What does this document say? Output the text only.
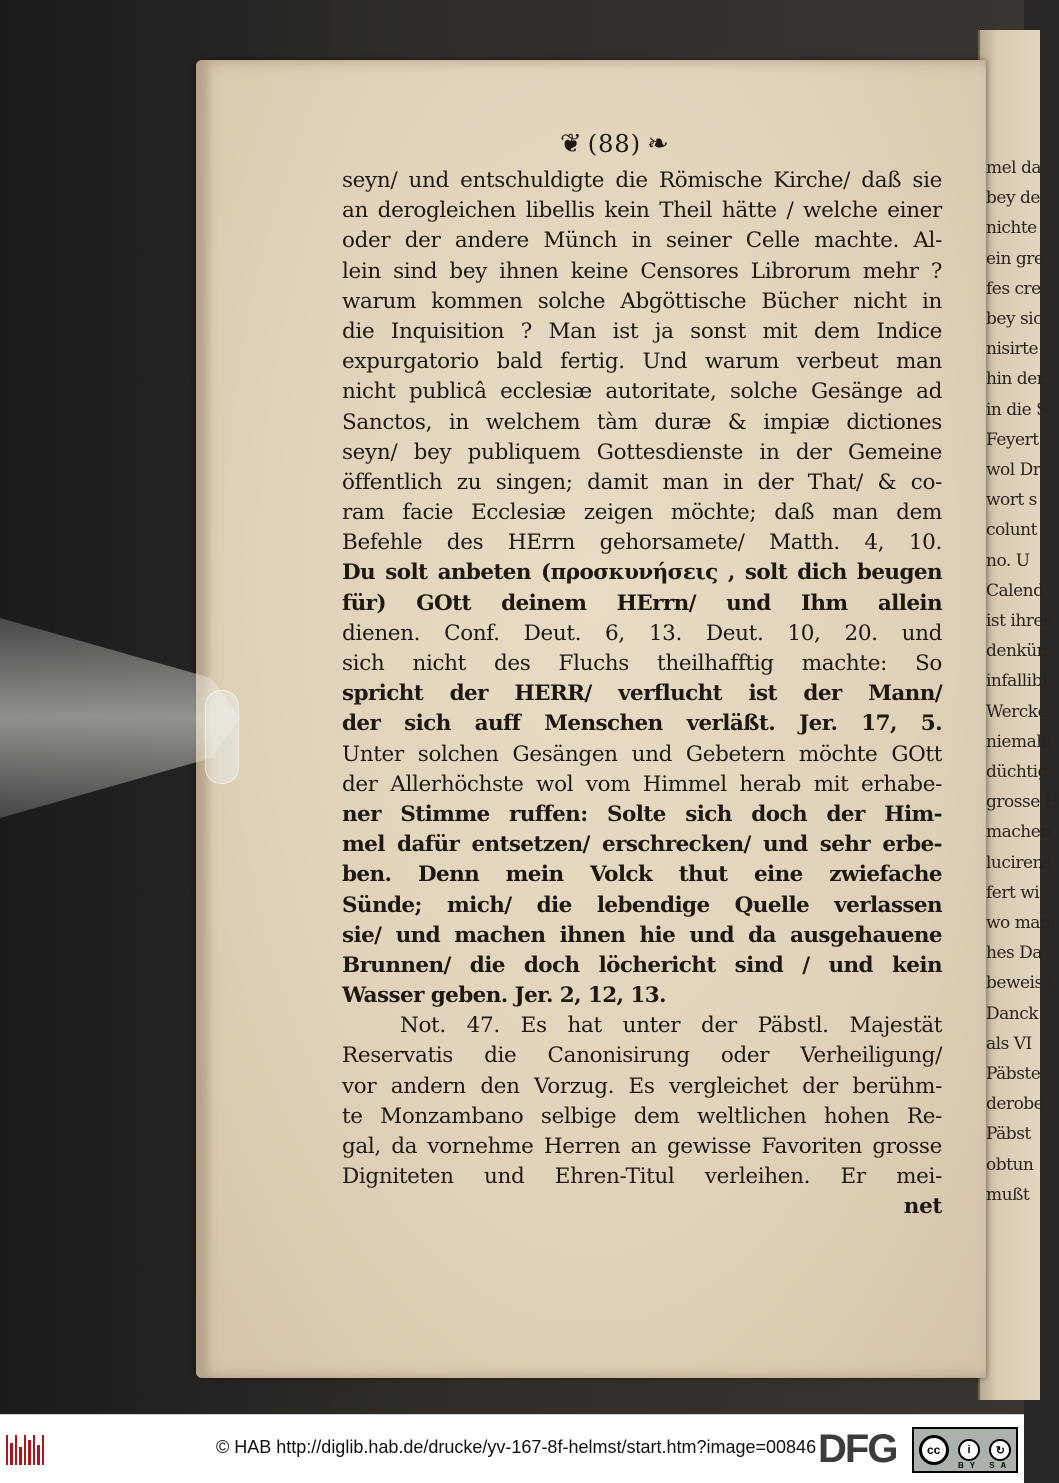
mel da
bey de
nichte
ein gre
fes cre
bey sic
nisirte
hin der
in die S
Feyert
wol Dr
wort s
colunt
no. U
Calend
ist ihrer
denkün
infallibl
Wercke
niemahl
düchtig
grosse H
machen
lucirens
fert wi
wo man
hes Da
beweise
Danck
als VI
Päbste
derobe
Päbst
obtun
mußt
❦ (88) ❧
seyn/ und entschuldigte die Römische Kirche/ daß sie
an derogleichen libellis kein Theil hätte / welche einer
oder der andere Münch in seiner Celle machte. Al-
lein sind bey ihnen keine Censores Librorum mehr ?
warum kommen solche Abgöttische Bücher nicht in
die Inquisition ? Man ist ja sonst mit dem Indice
expurgatorio bald fertig. Und warum verbeut man
nicht publicâ ecclesiæ autoritate, solche Gesänge ad
Sanctos, in welchem tàm duræ & impiæ dictiones
seyn/ bey publiquem Gottesdienste in der Gemeine
öffentlich zu singen; damit man in der That/ & co-
ram facie Ecclesiæ zeigen möchte; daß man dem
Befehle des HErrn gehorsamete/ Matth. 4, 10.
Du solt anbeten (προσκυνήσεις , solt dich beugen
für) GOtt deinem HErrn/ und Ihm allein
dienen. Conf. Deut. 6, 13. Deut. 10, 20. und
sich nicht des Fluchs theilhafftig machte: So
spricht der HERR/ verflucht ist der Mann/
der sich auff Menschen verläßt. Jer. 17, 5.
Unter solchen Gesängen und Gebetern möchte GOtt
der Allerhöchste wol vom Himmel herab mit erhabe-
ner Stimme ruffen: Solte sich doch der Him-
mel dafür entsetzen/ erschrecken/ und sehr erbe-
ben. Denn mein Volck thut eine zwiefache
Sünde; mich/ die lebendige Quelle verlassen
sie/ und machen ihnen hie und da ausgehauene
Brunnen/ die doch löchericht sind / und kein
Wasser geben. Jer. 2, 12, 13.
Not. 47. Es hat unter der Päbstl. Majestät
Reservatis die Canonisirung oder Verheiligung/
vor andern den Vorzug. Es vergleichet der berühm-
te Monzambano selbige dem weltlichen hohen Re-
gal, da vornehme Herren an gewisse Favoriten grosse
Digniteten und Ehren-Titul verleihen. Er mei-
net
© HAB http://diglib.hab.de/drucke/yv-167-8f-helmst/start.htm?image=00846 DFG	cc	i	↻
BY SA
